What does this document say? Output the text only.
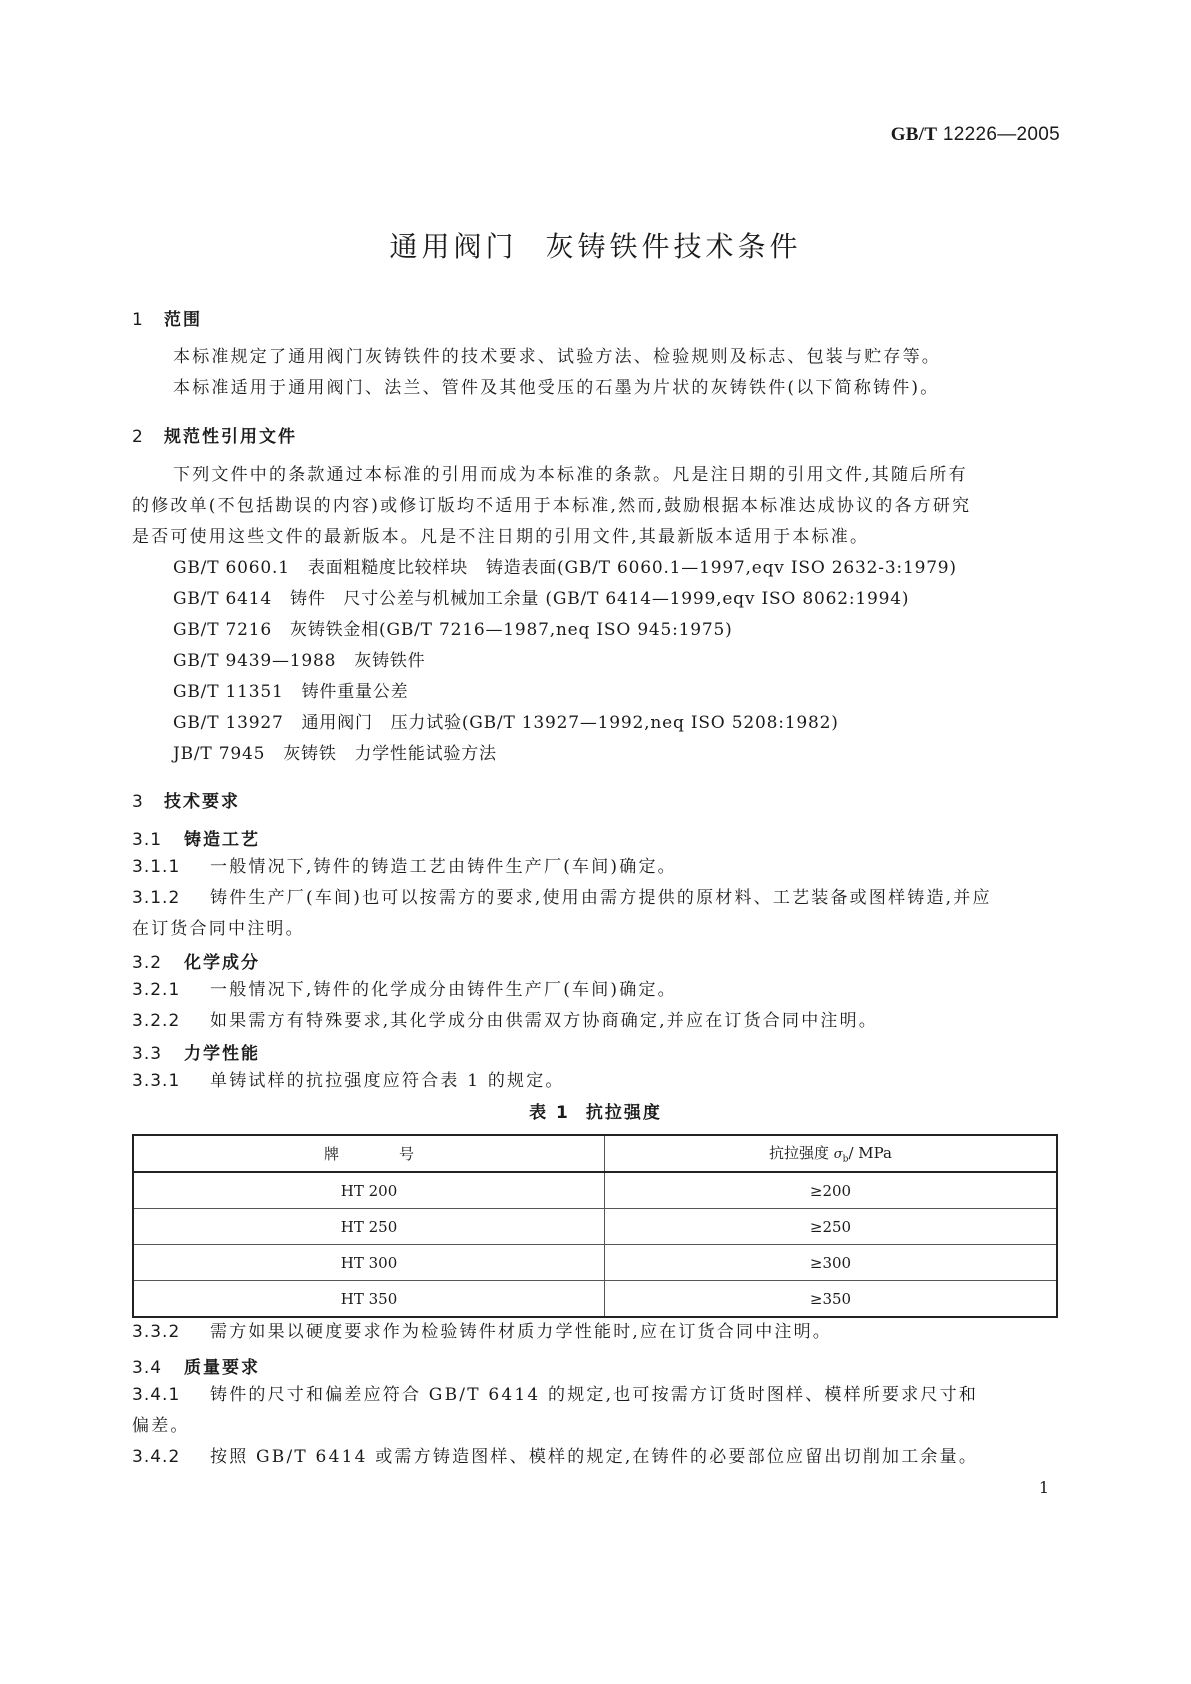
GB/T 12226—2005
通用阀门 灰铸铁件技术条件
1 范围
本标准规定了通用阀门灰铸铁件的技术要求、试验方法、检验规则及标志、包装与贮存等。
本标准适用于通用阀门、法兰、管件及其他受压的石墨为片状的灰铸铁件(以下简称铸件)。
2 规范性引用文件
下列文件中的条款通过本标准的引用而成为本标准的条款。凡是注日期的引用文件,其随后所有
的修改单(不包括勘误的内容)或修订版均不适用于本标准,然而,鼓励根据本标准达成协议的各方研究
是否可使用这些文件的最新版本。凡是不注日期的引用文件,其最新版本适用于本标准。
GB/T 6060.1 表面粗糙度比较样块　铸造表面(GB/T 6060.1—1997,eqv ISO 2632-3:1979)
GB/T 6414 铸件　尺寸公差与机械加工余量 (GB/T 6414—1999,eqv ISO 8062:1994)
GB/T 7216 灰铸铁金相(GB/T 7216—1987,neq ISO 945:1975)
GB/T 9439—1988 灰铸铁件
GB/T 11351 铸件重量公差
GB/T 13927 通用阀门　压力试验(GB/T 13927—1992,neq ISO 5208:1982)
JB/T 7945 灰铸铁　力学性能试验方法
3 技术要求
3.1 铸造工艺
3.1.1 一般情况下,铸件的铸造工艺由铸件生产厂(车间)确定。
3.1.2 铸件生产厂(车间)也可以按需方的要求,使用由需方提供的原材料、工艺装备或图样铸造,并应
在订货合同中注明。
3.2 化学成分
3.2.1 一般情况下,铸件的化学成分由铸件生产厂(车间)确定。
3.2.2 如果需方有特殊要求,其化学成分由供需双方协商确定,并应在订货合同中注明。
3.3 力学性能
3.3.1 单铸试样的抗拉强度应符合表 1 的规定。
表 1 抗拉强度
牌　　　　号	抗拉强度 $\sigma_b/$ MPa
HT 200	≥200
HT 250	≥250
HT 300	≥300
HT 350	≥350
3.3.2 需方如果以硬度要求作为检验铸件材质力学性能时,应在订货合同中注明。
3.4 质量要求
3.4.1 铸件的尺寸和偏差应符合 GB/T 6414 的规定,也可按需方订货时图样、模样所要求尺寸和
偏差。
3.4.2 按照 GB/T 6414 或需方铸造图样、模样的规定,在铸件的必要部位应留出切削加工余量。
1
